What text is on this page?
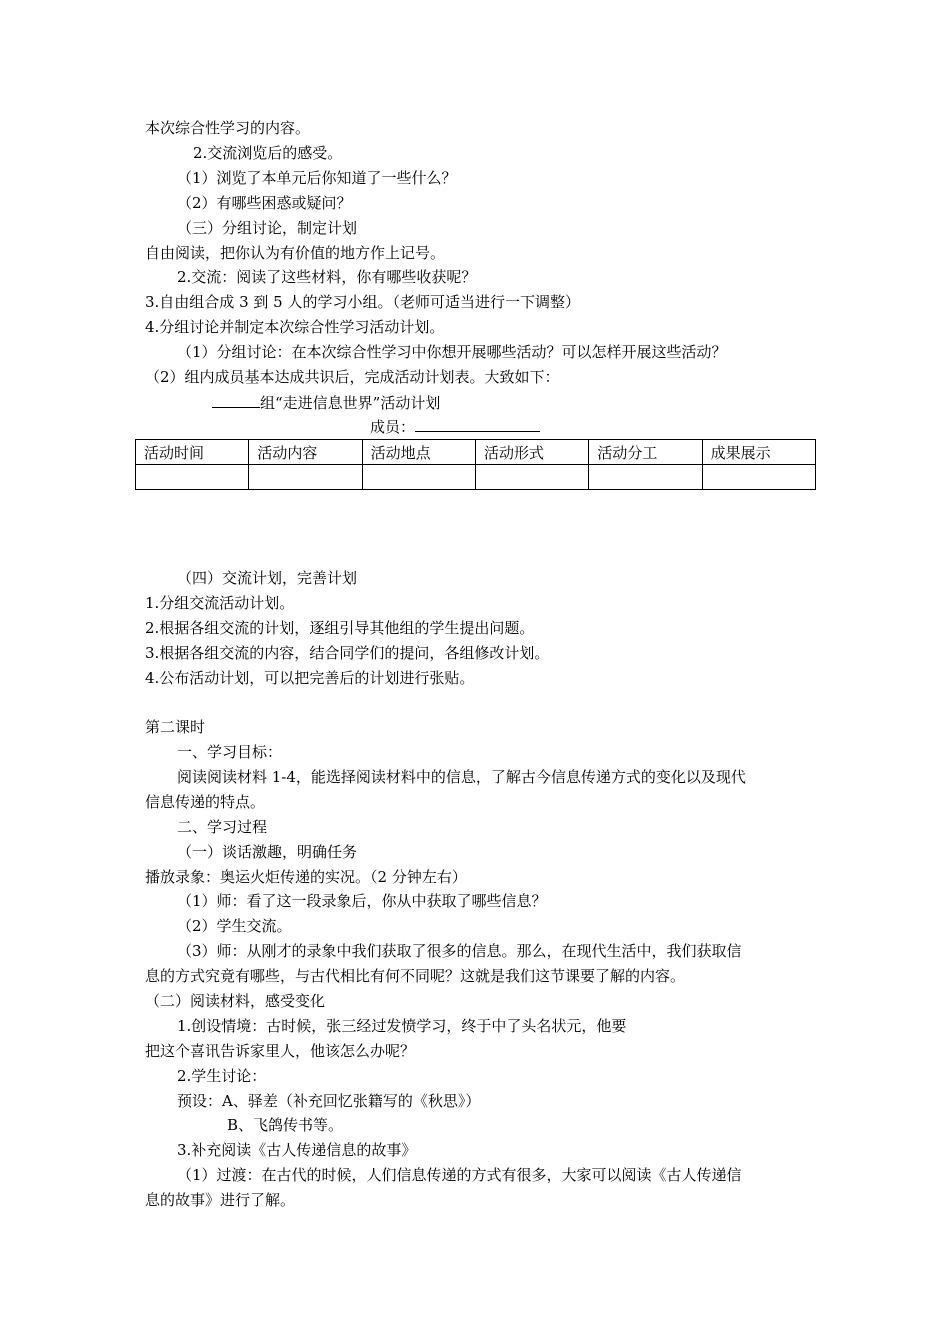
本次综合性学习的内容。
2.交流浏览后的感受。
（1）浏览了本单元后你知道了一些什么？
（2）有哪些困惑或疑问？
（三）分组讨论，制定计划
自由阅读，把你认为有价值的地方作上记号。
2.交流：阅读了这些材料，你有哪些收获呢？
3.自由组合成 3 到 5 人的学习小组。（老师可适当进行一下调整）
4.分组讨论并制定本次综合性学习活动计划。
（1）分组讨论：在本次综合性学习中你想开展哪些活动？可以怎样开展这些活动？
（2）组内成员基本达成共识后，完成活动计划表。大致如下：
组“走进信息世界”活动计划
成员：
活动时间	活动内容	活动地点	活动形式	活动分工	成果展示

（四）交流计划，完善计划
1.分组交流活动计划。
2.根据各组交流的计划，逐组引导其他组的学生提出问题。
3.根据各组交流的内容，结合同学们的提问，各组修改计划。
4.公布活动计划，可以把完善后的计划进行张贴。
第二课时
一、学习目标：
阅读阅读材料 1-4，能选择阅读材料中的信息，了解古今信息传递方式的变化以及现代
信息传递的特点。
二、学习过程
（一）谈话激趣，明确任务
播放录象：奥运火炬传递的实况。（2 分钟左右）
（1）师：看了这一段录象后，你从中获取了哪些信息？
（2）学生交流。
（3）师：从刚才的录象中我们获取了很多的信息。那么，在现代生活中，我们获取信
息的方式究竟有哪些，与古代相比有何不同呢？这就是我们这节课要了解的内容。
（二）阅读材料，感受变化
1.创设情境：古时候，张三经过发愤学习，终于中了头名状元，他要
把这个喜讯告诉家里人，他该怎么办呢？
2.学生讨论：
预设：A、驿差（补充回忆张籍写的《秋思》）
B、飞鸽传书等。
3.补充阅读《古人传递信息的故事》
（1）过渡：在古代的时候，人们信息传递的方式有很多，大家可以阅读《古人传递信
息的故事》进行了解。
